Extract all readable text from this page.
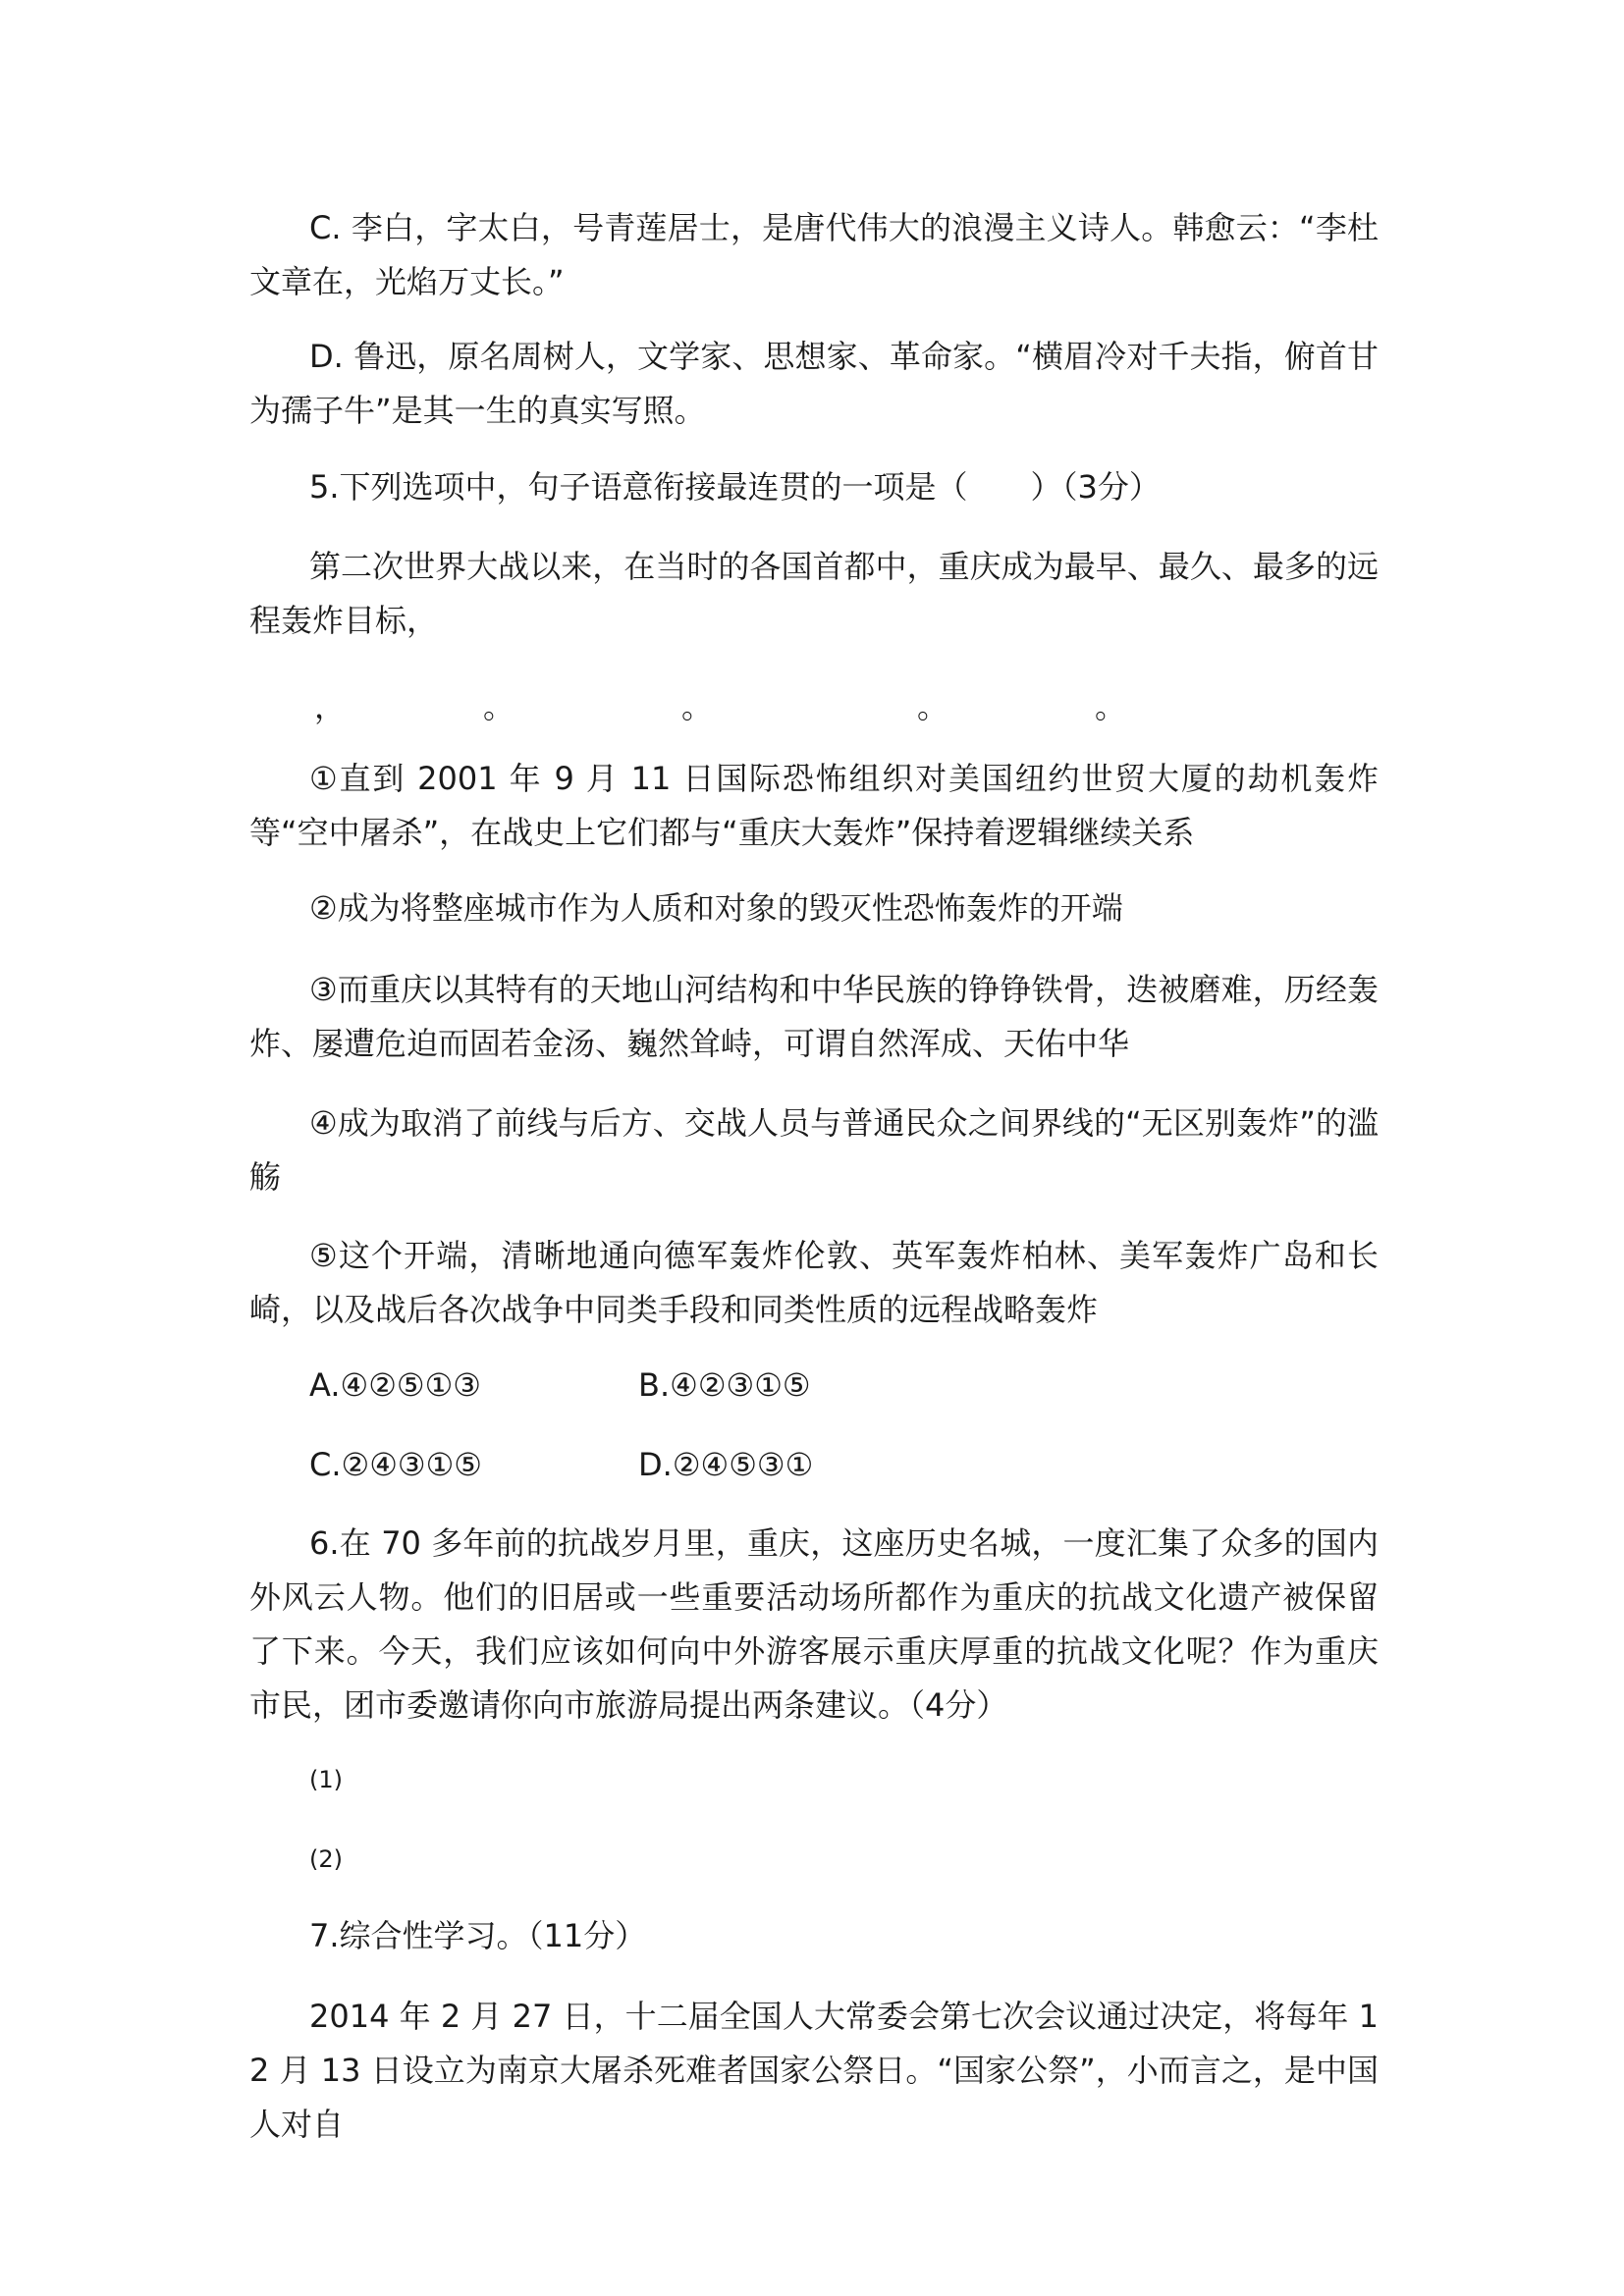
C. 李白，字太白，号青莲居士，是唐代伟大的浪漫主义诗人。韩愈云：“李杜文章在，光焰万丈长。”

D. 鲁迅，原名周树人，文学家、思想家、革命家。“横眉冷对千夫指，俯首甘为孺子牛”是其一生的真实写照。

5.下列选项中，句子语意衔接最连贯的一项是（　　）（3分）

第二次世界大战以来，在当时的各国首都中，重庆成为最早、最久、最多的远程轰炸目标，

，	。	。	。	。

①直到 2001 年 9 月 11 日国际恐怖组织对美国纽约世贸大厦的劫机轰炸等“空中屠杀”，在战史上它们都与“重庆大轰炸”保持着逻辑继续关系

②成为将整座城市作为人质和对象的毁灭性恐怖轰炸的开端

③而重庆以其特有的天地山河结构和中华民族的铮铮铁骨，迭被磨难，历经轰炸、屡遭危迫而固若金汤、巍然耸峙，可谓自然浑成、天佑中华

④成为取消了前线与后方、交战人员与普通民众之间界线的“无区别轰炸”的滥觞

⑤这个开端，清晰地通向德军轰炸伦敦、英军轰炸柏林、美军轰炸广岛和长崎，以及战后各次战争中同类手段和同类性质的远程战略轰炸

A.④②⑤①③	B.④②③①⑤

C.②④③①⑤	D.②④⑤③①

6.在 70 多年前的抗战岁月里，重庆，这座历史名城，一度汇集了众多的国内外风云人物。他们的旧居或一些重要活动场所都作为重庆的抗战文化遗产被保留了下来。今天，我们应该如何向中外游客展示重庆厚重的抗战文化呢？作为重庆市民，团市委邀请你向市旅游局提出两条建议。（4分）

(1)

(2)

7.综合性学习。（11分）

2014 年 2 月 27 日，十二届全国人大常委会第七次会议通过决定，将每年 12 月 13 日设立为南京大屠杀死难者国家公祭日。“国家公祭”，小而言之，是中国人对自
